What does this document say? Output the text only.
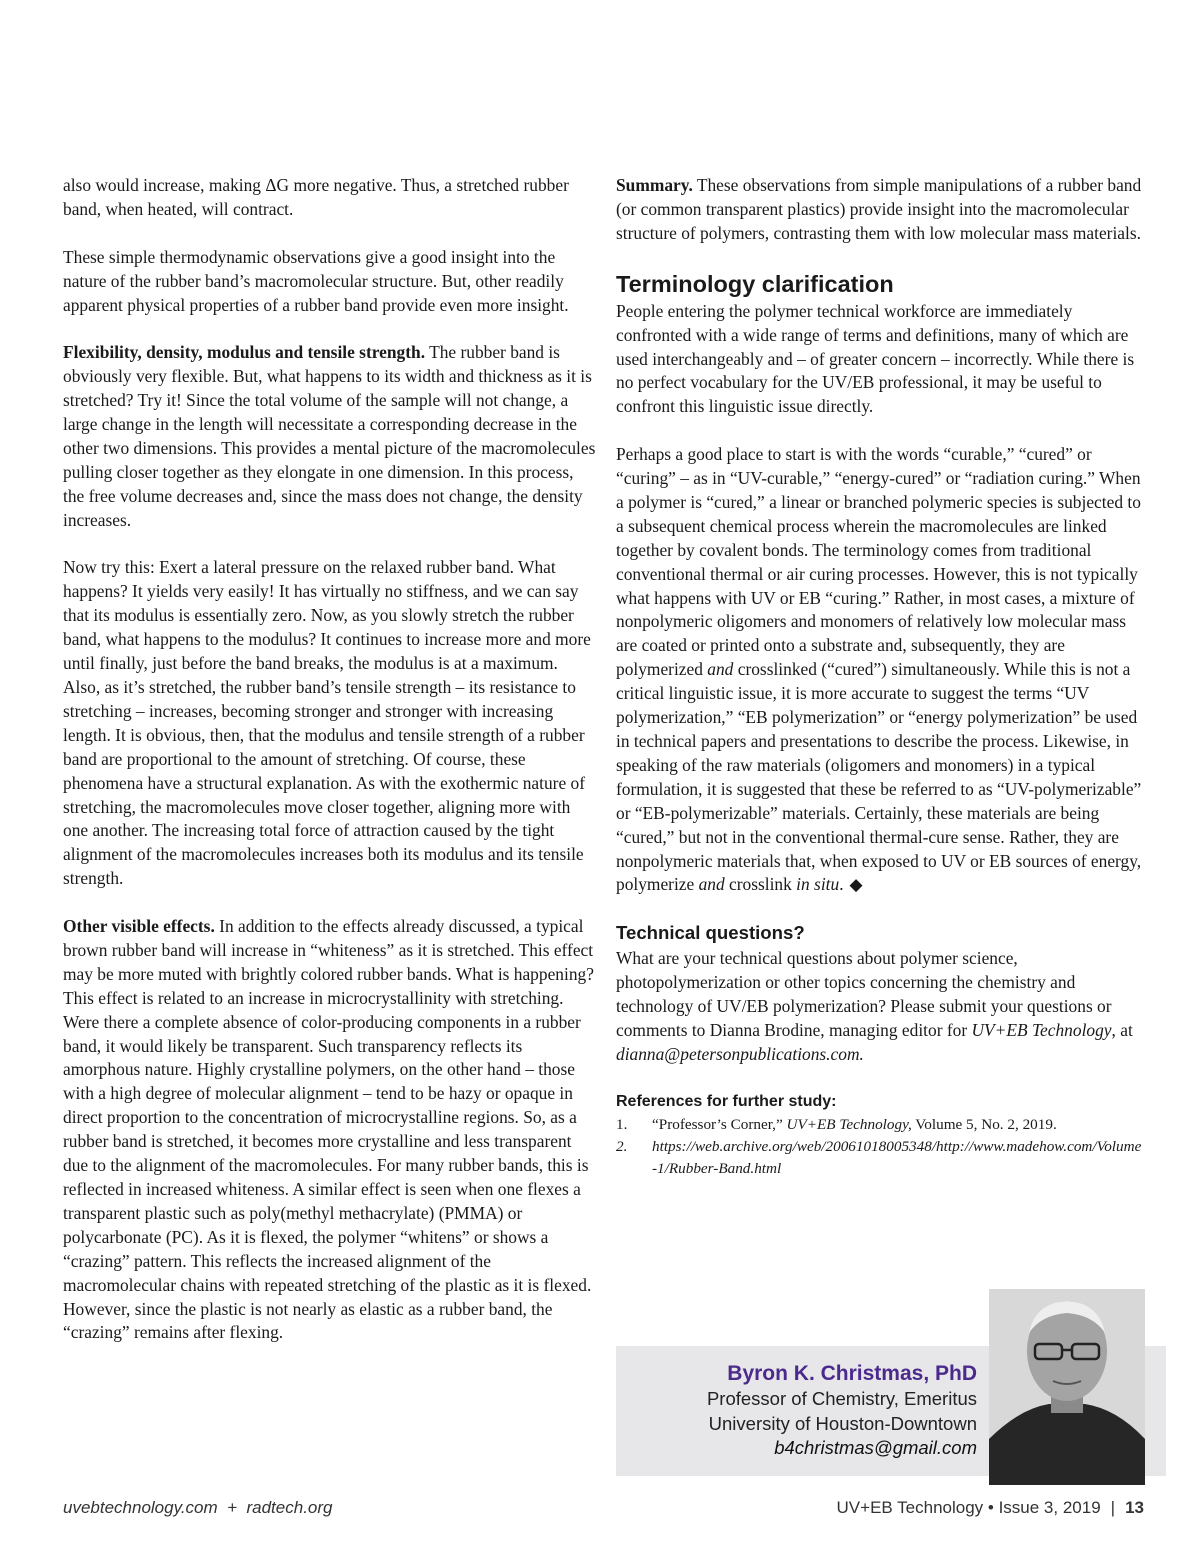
also would increase, making ΔG more negative. Thus, a stretched rubber band, when heated, will contract.

These simple thermodynamic observations give a good insight into the nature of the rubber band’s macromolecular structure. But, other readily apparent physical properties of a rubber band provide even more insight.

Flexibility, density, modulus and tensile strength. The rubber band is obviously very flexible. But, what happens to its width and thickness as it is stretched? Try it! Since the total volume of the sample will not change, a large change in the length will necessitate a corresponding decrease in the other two dimensions. This provides a mental picture of the macromolecules pulling closer together as they elongate in one dimension. In this process, the free volume decreases and, since the mass does not change, the density increases.

Now try this: Exert a lateral pressure on the relaxed rubber band. What happens? It yields very easily! It has virtually no stiffness, and we can say that its modulus is essentially zero. Now, as you slowly stretch the rubber band, what happens to the modulus? It continues to increase more and more until finally, just before the band breaks, the modulus is at a maximum. Also, as it’s stretched, the rubber band’s tensile strength – its resistance to stretching – increases, becoming stronger and stronger with increasing length. It is obvious, then, that the modulus and tensile strength of a rubber band are proportional to the amount of stretching. Of course, these phenomena have a structural explanation. As with the exothermic nature of stretching, the macromolecules move closer together, aligning more with one another. The increasing total force of attraction caused by the tight alignment of the macromolecules increases both its modulus and its tensile strength.

Other visible effects. In addition to the effects already discussed, a typical brown rubber band will increase in “whiteness” as it is stretched. This effect may be more muted with brightly colored rubber bands. What is happening? This effect is related to an increase in microcrystallinity with stretching. Were there a complete absence of color-producing components in a rubber band, it would likely be transparent. Such transparency reflects its amorphous nature. Highly crystalline polymers, on the other hand – those with a high degree of molecular alignment – tend to be hazy or opaque in direct proportion to the concentration of microcrystalline regions. So, as a rubber band is stretched, it becomes more crystalline and less transparent due to the alignment of the macromolecules. For many rubber bands, this is reflected in increased whiteness. A similar effect is seen when one flexes a transparent plastic such as poly(methyl methacrylate) (PMMA) or polycarbonate (PC). As it is flexed, the polymer “whitens” or shows a “crazing” pattern. This reflects the increased alignment of the macromolecular chains with repeated stretching of the plastic as it is flexed. However, since the plastic is not nearly as elastic as a rubber band, the “crazing” remains after flexing.

Summary. These observations from simple manipulations of a rubber band (or common transparent plastics) provide insight into the macromolecular structure of polymers, contrasting them with low molecular mass materials.

Terminology clarification

People entering the polymer technical workforce are immediately confronted with a wide range of terms and definitions, many of which are used interchangeably and – of greater concern – incorrectly. While there is no perfect vocabulary for the UV/EB professional, it may be useful to confront this linguistic issue directly.

Perhaps a good place to start is with the words “curable,” “cured” or “curing” – as in “UV-curable,” “energy-cured” or “radiation curing.” When a polymer is “cured,” a linear or branched polymeric species is subjected to a subsequent chemical process wherein the macromolecules are linked together by covalent bonds. The terminology comes from traditional conventional thermal or air curing processes. However, this is not typically what happens with UV or EB “curing.” Rather, in most cases, a mixture of nonpolymeric oligomers and monomers of relatively low molecular mass are coated or printed onto a substrate and, subsequently, they are polymerized and crosslinked (“cured”) simultaneously. While this is not a critical linguistic issue, it is more accurate to suggest the terms “UV polymerization,” “EB polymerization” or “energy polymerization” be used in technical papers and presentations to describe the process. Likewise, in speaking of the raw materials (oligomers and monomers) in a typical formulation, it is suggested that these be referred to as “UV-polymerizable” or “EB-polymerizable” materials. Certainly, these materials are being “cured,” but not in the conventional thermal-cure sense. Rather, they are nonpolymeric materials that, when exposed to UV or EB sources of energy, polymerize and crosslink in situ. ◆

Technical questions?

What are your technical questions about polymer science, photopolymerization or other topics concerning the chemistry and technology of UV/EB polymerization? Please submit your questions or comments to Dianna Brodine, managing editor for UV+EB Technology, at dianna@petersonpublications.com.

References for further study:
1.	“Professor’s Corner,” UV+EB Technology, Volume 5, No. 2, 2019.
2.	https://web.archive.org/web/20061018005348/http://www.madehow.com/Volume-1/Rubber-Band.html
Byron K. Christmas, PhD
Professor of Chemistry, Emeritus
University of Houston-Downtown
b4christmas@gmail.com
uvebtechnology.com  +  radtech.org	UV+EB Technology • Issue 3, 2019 | 13
